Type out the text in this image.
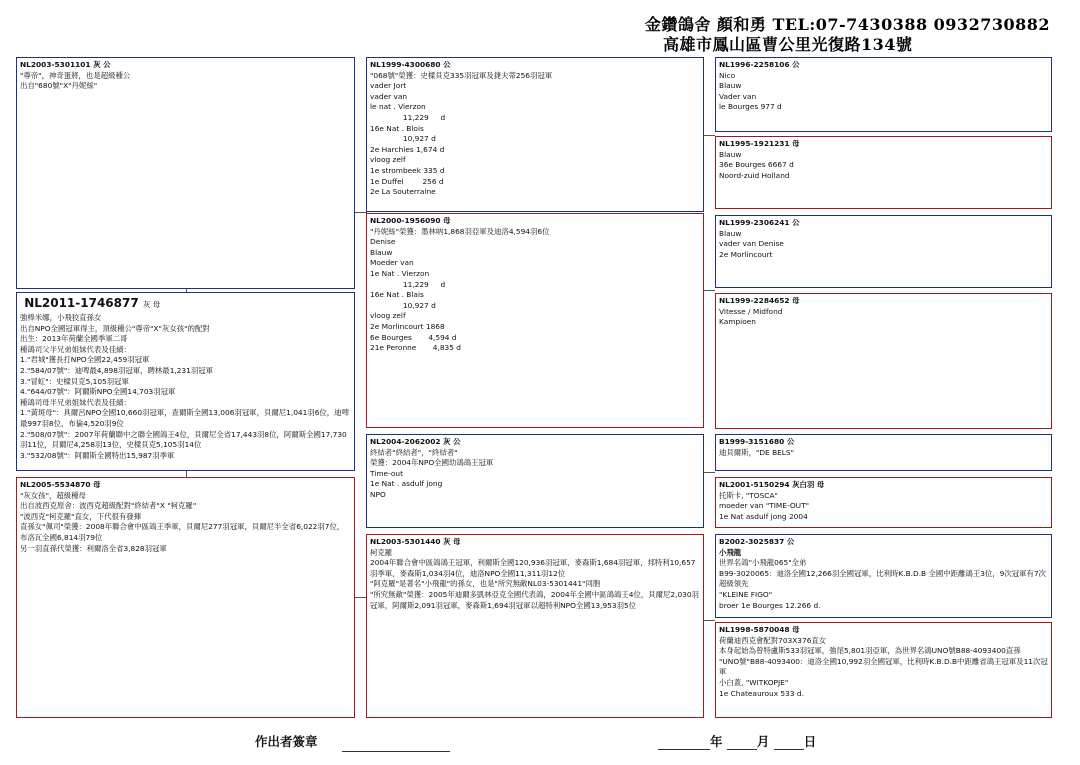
金鑽鴿舍 顏和勇 TEL:07-7430388 0932730882
高雄市鳳山區曹公里光復路134號
NL2003-5301101 灰 公
"尊帝"，神奇蛋將，也是超級種公
出自"680號"X"丹妮絲"
NL2011-1746877 灰 母
強棒米娜，小飛狡直孫女
出自NPO全國冠軍得主，頂級種公"尊帝"X"灰女孩"的配對
出生：2013年荷蘭全國季軍二哥
種鴿司父半兄弟姐妹代表及佳績：
1."君城"獲長打NPO全國22,459羽冠軍
2."584/07號"：迪啤最4,898羽冠軍，聘林最1,231羽冠軍
3."冒虹"：史樑貝克5,105羽冠軍
4."644/07號"：阿爾斯NPO全國14,703羽冠軍
種鴿司母半兄弟姐妹代表及佳績：
1."黃斑母"：具爾呂NPO全國10,660羽冠軍，查爾斯全國13,006羽冠軍，貝爾尼1,041羽6位，迪啤最997羽8位，布倫4,520羽9位
2."508/07號"：2007年荷蘭聯中之聯全國鴿王4位，貝爾尼全省17,443羽8位，阿爾斯全國17,730羽11位，貝爾尼4,258羽13位，史樑貝克5,105羽14位
3."532/08號"：阿爾斯全國特出15,987羽季軍
NL2005-5534870 母
"灰女孩"，超級種母
出自波西克原舍：波西克超級配對"終結者"X "柯克羅"
"波西克"柯克羅"直女，下代很有發揮
直孫女"佩司"榮獲：2008年聯合會中區鴿王季軍，貝爾尼277羽冠軍，貝爾尼半全省6,022羽7位，布洛瓦全國6,814羽79位
另一羽直孫代榮獲：利爾洛全省3,828羽冠軍
NL1999-4300680 公
"068號"榮獲：史樑貝克335羽冠軍及捷夫蒂256羽冠軍
vader Jort
vader van
le nat . Vierzon
11,229     d
16e Nat . Blois
10,927 d
2e Harchies 1,674 d
vloog zelf
1e strombeek 335 d
1e Duffel        256 d
2e La Souterraine
NL2000-1956090 母
"丹妮絲"榮獲：墨林吶1,868羽亞軍及迪洛4,594羽6位
Denise
Blauw
Moeder van
1e Nat . Vierzon
11,229     d
16e Nat . Blais
10,927 d
vloog zelf
2e Morlincourt 1868
6e Bourges       4,594 d
21e Peronne       4,835 d
NL2004-2062002 灰 公
終結者"終結者"，"終結者"
榮獲：2004年NPO全國幼鴿鴿王冠軍
Time-out
1e Nat . asdulf jong
NPO
NL2003-5301440 灰 母
柯克羅
2004年聯合會中區鴿鴿王冠軍，利爾斯全國120,936羽冠軍，麥森斯1,684羽冠軍，邦特利10,657羽季軍，麥森斯1,034羽4位，迪洛NPO全國11,311羽12位
"阿克羅"是著名"小飛龍"的孫女，也是"所究無敵NL03-5301441"同胞
"所究無敵"榮獲：2005年迪爾多凱林亞克全國代表鴿，2004年全國中區鴿鴿王4位，貝爾尼2,030羽冠軍，阿爾斯2,091羽冠軍，麥森斯1,694羽冠軍以超特利NPO全國13,953羽5位
NL1996-2258106 公
Nico
Blauw
Vader van
le Bourges 977 d
NL1995-1921231 母
Blauw
36e Bourges 6667 d
Noord-zuid Holland
NL1999-2306241 公
Blauw
vader van Denise
2e Morlincourt
NL1999-2284652 母
Vitesse / Midfond
Kampioen
B1999-3151680 公
迪貝爾斯，"DE BELS"
NL2001-5150294 灰白羽 母
托斯卡, "TOSCA"
moeder van "TIME-OUT"
1e Nat asdulf jong 2004
B2002-3025837 公
小飛龍
世界名鴿"小飛龍065"全弟
B99-3020065：迪洛全國12,266羽全國冠軍，比利時K.B.D.B 全國中距離鴿王3位，9次冠軍有7次超級領先
"KLEINE FIGO"
broer 1e Bourges 12.266 d.
NL1998-5870048 母
荷蘭迪西克會配對703X376直女
本身起始為曾特盧斯533羽冠軍，強尾5,801羽亞軍，為世界名鴿UNO號B88-4093400直孫
"UNO號"B88-4093400：迪洛全國10,992羽全國冠軍，比利時K.B.D.B中距離省鴿王冠軍及11次冠軍
小白蓋, "WITKOPJE"
1e Chateauroux 533 d.
作出者簽章	年	月	日
